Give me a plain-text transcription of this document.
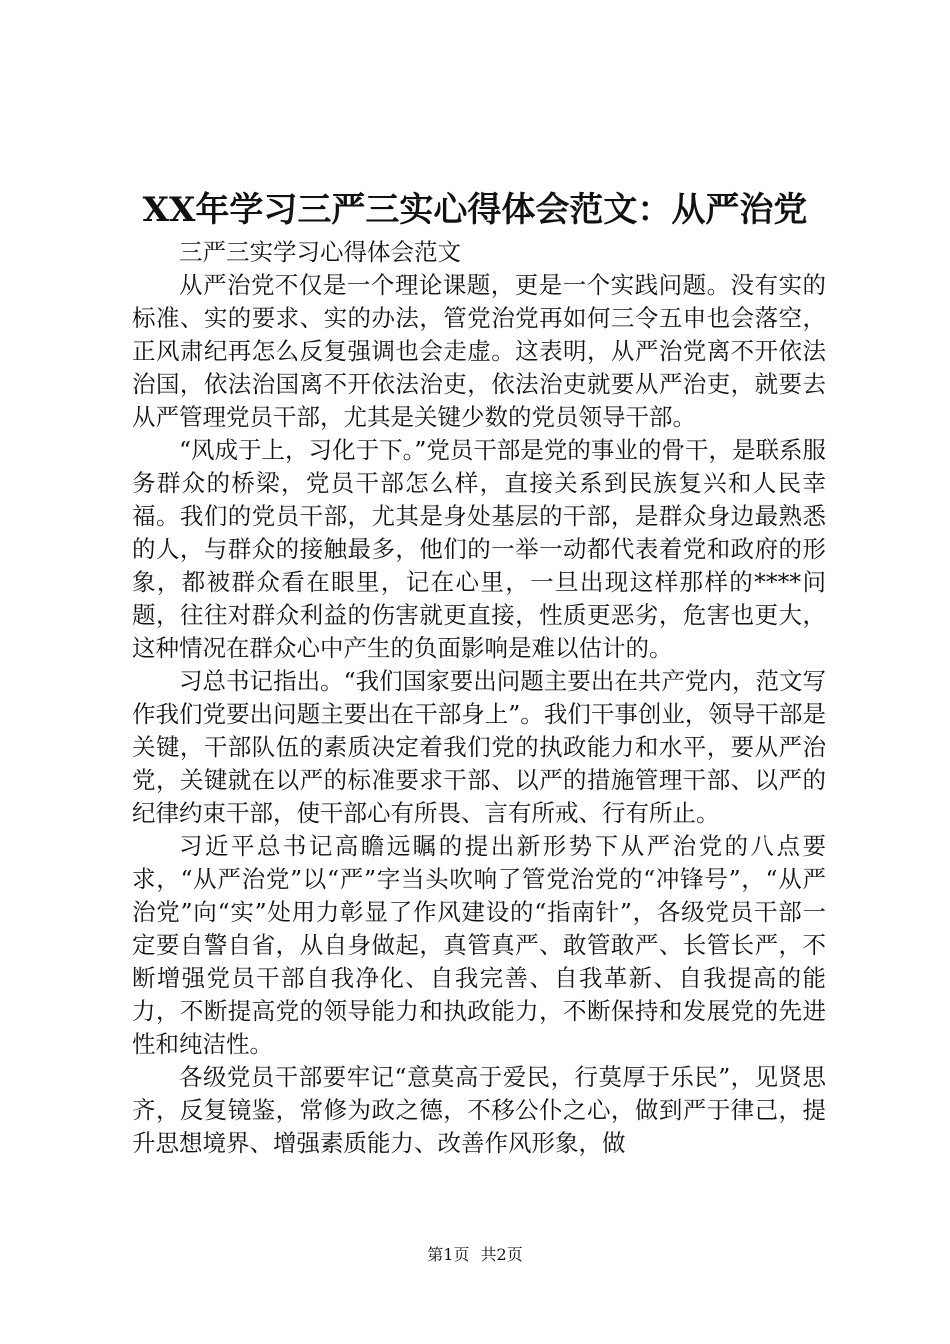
XX年学习三严三实心得体会范文：从严治党

三严三实学习心得体会范文

从严治党不仅是一个理论课题，更是一个实践问题。没有实的标准、实的要求、实的办法，管党治党再如何三令五申也会落空，正风肃纪再怎么反复强调也会走虚。这表明，从严治党离不开依法治国，依法治国离不开依法治吏，依法治吏就要从严治吏，就要去从严管理党员干部，尤其是关键少数的党员领导干部。

“风成于上，习化于下。”党员干部是党的事业的骨干，是联系服务群众的桥梁，党员干部怎么样，直接关系到民族复兴和人民幸福。我们的党员干部，尤其是身处基层的干部，是群众身边最熟悉的人，与群众的接触最多，他们的一举一动都代表着党和政府的形象，都被群众看在眼里，记在心里，一旦出现这样那样的****问题，往往对群众利益的伤害就更直接，性质更恶劣，危害也更大，这种情况在群众心中产生的负面影响是难以估计的。

习总书记指出。“我们国家要出问题主要出在共产党内，范文写作我们党要出问题主要出在干部身上”。我们干事创业，领导干部是关键，干部队伍的素质决定着我们党的执政能力和水平，要从严治党，关键就在以严的标准要求干部、以严的措施管理干部、以严的纪律约束干部，使干部心有所畏、言有所戒、行有所止。

习近平总书记高瞻远瞩的提出新形势下从严治党的八点要求，“从严治党”以“严”字当头吹响了管党治党的“冲锋号”，“从严治党”向“实”处用力彰显了作风建设的“指南针”，各级党员干部一定要自警自省，从自身做起，真管真严、敢管敢严、长管长严，不断增强党员干部自我净化、自我完善、自我革新、自我提高的能力，不断提高党的领导能力和执政能力，不断保持和发展党的先进性和纯洁性。

各级党员干部要牢记“意莫高于爱民，行莫厚于乐民”，见贤思齐，反复镜鉴，常修为政之德，不移公仆之心，做到严于律己，提升思想境界、增强素质能力、改善作风形象，做

第1页 共2页
